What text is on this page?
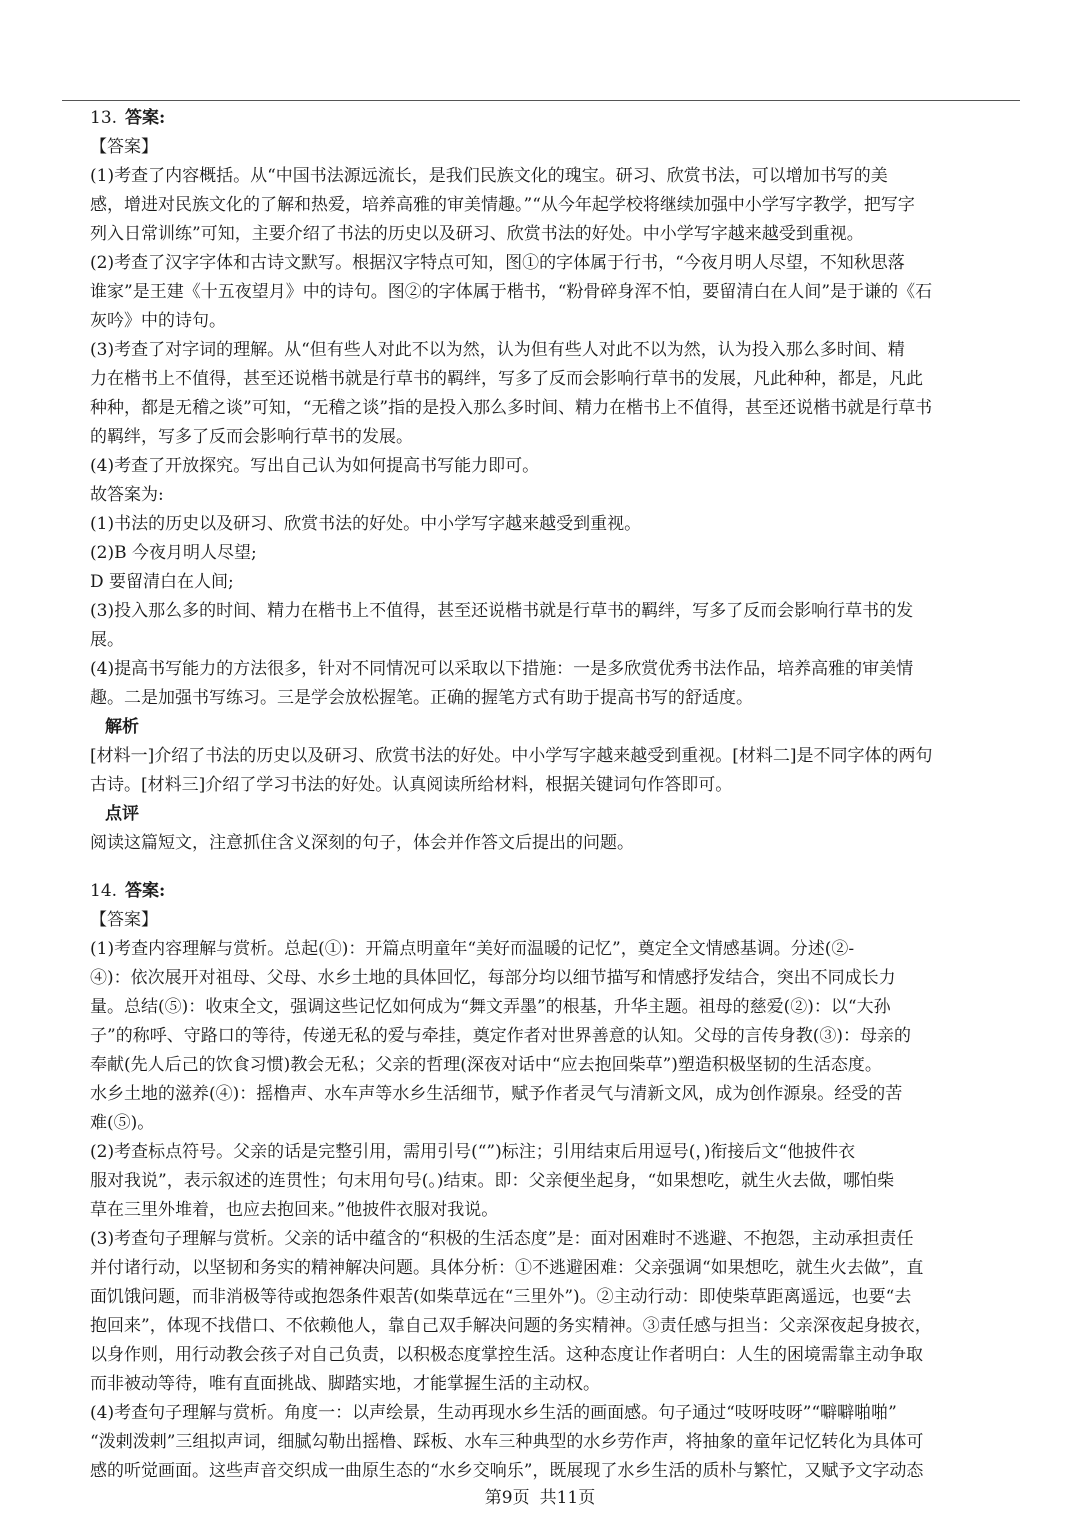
13. 答案:

【答案】

(1)考查了内容概括。从“中国书法源远流长，是我们民族文化的瑰宝。研习、欣赏书法，可以增加书写的美

感，增进对民族文化的了解和热爱，培养高雅的审美情趣。”“从今年起学校将继续加强中小学写字教学，把写字

列入日常训练”可知，主要介绍了书法的历史以及研习、欣赏书法的好处。中小学写字越来越受到重视。

(2)考查了汉字字体和古诗文默写。根据汉字特点可知，图①的字体属于行书，“今夜月明人尽望，不知秋思落

谁家”是王建《十五夜望月》中的诗句。图②的字体属于楷书，“粉骨碎身浑不怕，要留清白在人间”是于谦的《石

灰吟》中的诗句。

(3)考查了对字词的理解。从“但有些人对此不以为然，认为但有些人对此不以为然，认为投入那么多时间、精

力在楷书上不值得，甚至还说楷书就是行草书的羁绊，写多了反而会影响行草书的发展，凡此种种，都是，凡此

种种，都是无稽之谈”可知，“无稽之谈”指的是投入那么多时间、精力在楷书上不值得，甚至还说楷书就是行草书

的羁绊，写多了反而会影响行草书的发展。

(4)考查了开放探究。写出自己认为如何提高书写能力即可。

故答案为:

(1)书法的历史以及研习、欣赏书法的好处。中小学写字越来越受到重视。

(2)B 今夜月明人尽望;

D 要留清白在人间;

(3)投入那么多的时间、精力在楷书上不值得，甚至还说楷书就是行草书的羁绊，写多了反而会影响行草书的发

展。

(4)提高书写能力的方法很多，针对不同情况可以采取以下措施：一是多欣赏优秀书法作品，培养高雅的审美情

趣。二是加强书写练习。三是学会放松握笔。正确的握笔方式有助于提高书写的舒适度。

解析

[材料一]介绍了书法的历史以及研习、欣赏书法的好处。中小学写字越来越受到重视。[材料二]是不同字体的两句

古诗。[材料三]介绍了学习书法的好处。认真阅读所给材料，根据关键词句作答即可。

点评

阅读这篇短文，注意抓住含义深刻的句子，体会并作答文后提出的问题。

14. 答案:

【答案】

(1)考查内容理解与赏析。总起(①)：开篇点明童年“美好而温暖的记忆”，奠定全文情感基调。分述(②-

④)：依次展开对祖母、父母、水乡土地的具体回忆，每部分均以细节描写和情感抒发结合，突出不同成长力

量。总结(⑤)：收束全文，强调这些记忆如何成为“舞文弄墨”的根基，升华主题。祖母的慈爱(②)：以“大孙

子”的称呼、守路口的等待，传递无私的爱与牵挂，奠定作者对世界善意的认知。父母的言传身教(③)：母亲的

奉献(先人后己的饮食习惯)教会无私；父亲的哲理(深夜对话中“应去抱回柴草”)塑造积极坚韧的生活态度。

水乡土地的滋养(④)：摇橹声、水车声等水乡生活细节，赋予作者灵气与清新文风，成为创作源泉。经受的苦

难(⑤)。

(2)考查标点符号。父亲的话是完整引用，需用引号(“”)标注；引用结束后用逗号(，)衔接后文“他披件衣

服对我说”，表示叙述的连贯性；句末用句号(。)结束。即：父亲便坐起身，“如果想吃，就生火去做，哪怕柴

草在三里外堆着，也应去抱回来。”他披件衣服对我说。

(3)考查句子理解与赏析。父亲的话中蕴含的“积极的生活态度”是：面对困难时不逃避、不抱怨，主动承担责任

并付诸行动，以坚韧和务实的精神解决问题。具体分析：①不逃避困难：父亲强调“如果想吃，就生火去做”，直

面饥饿问题，而非消极等待或抱怨条件艰苦(如柴草远在“三里外”)。②主动行动：即使柴草距离遥远，也要“去

抱回来”，体现不找借口、不依赖他人，靠自己双手解决问题的务实精神。③责任感与担当：父亲深夜起身披衣，

以身作则，用行动教会孩子对自己负责，以积极态度掌控生活。这种态度让作者明白：人生的困境需靠主动争取

而非被动等待，唯有直面挑战、脚踏实地，才能掌握生活的主动权。

(4)考查句子理解与赏析。角度一：以声绘景，生动再现水乡生活的画面感。句子通过“吱呀吱呀”“噼噼啪啪”

“泼剌泼剌”三组拟声词，细腻勾勒出摇橹、踩板、水车三种典型的水乡劳作声，将抽象的童年记忆转化为具体可

感的听觉画面。这些声音交织成一曲原生态的“水乡交响乐”，既展现了水乡生活的质朴与繁忙，又赋予文字动态

第9页 共11页
